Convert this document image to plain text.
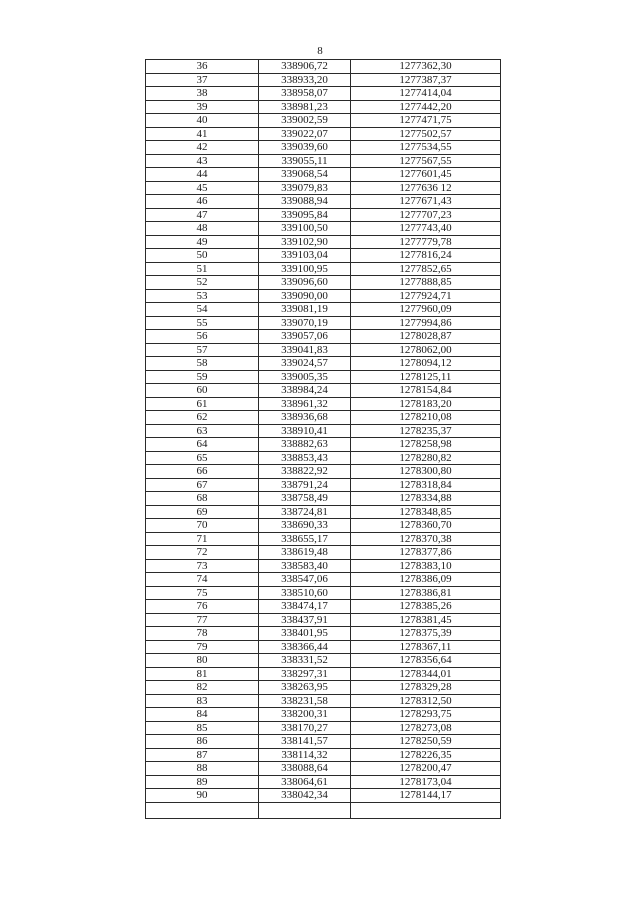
8
36	338906,72	1277362,30
37	338933,20	1277387,37
38	338958,07	1277414,04
39	338981,23	1277442,20
40	339002,59	1277471,75
41	339022,07	1277502,57
42	339039,60	1277534,55
43	339055,11	1277567,55
44	339068,54	1277601,45
45	339079,83	1277636 12
46	339088,94	1277671,43
47	339095,84	1277707,23
48	339100,50	1277743,40
49	339102,90	1277779,78
50	339103,04	1277816,24
51	339100,95	1277852,65
52	339096,60	1277888,85
53	339090,00	1277924,71
54	339081,19	1277960,09
55	339070,19	1277994,86
56	339057,06	1278028,87
57	339041,83	1278062,00
58	339024,57	1278094,12
59	339005,35	1278125,11
60	338984,24	1278154,84
61	338961,32	1278183,20
62	338936,68	1278210,08
63	338910,41	1278235,37
64	338882,63	1278258,98
65	338853,43	1278280,82
66	338822,92	1278300,80
67	338791,24	1278318,84
68	338758,49	1278334,88
69	338724,81	1278348,85
70	338690,33	1278360,70
71	338655,17	1278370,38
72	338619,48	1278377,86
73	338583,40	1278383,10
74	338547,06	1278386,09
75	338510,60	1278386,81
76	338474,17	1278385,26
77	338437,91	1278381,45
78	338401,95	1278375,39
79	338366,44	1278367,11
80	338331,52	1278356,64
81	338297,31	1278344,01
82	338263,95	1278329,28
83	338231,58	1278312,50
84	338200,31	1278293,75
85	338170,27	1278273,08
86	338141,57	1278250,59
87	338114,32	1278226,35
88	338088,64	1278200,47
89	338064,61	1278173,04
90	338042,34	1278144,17
